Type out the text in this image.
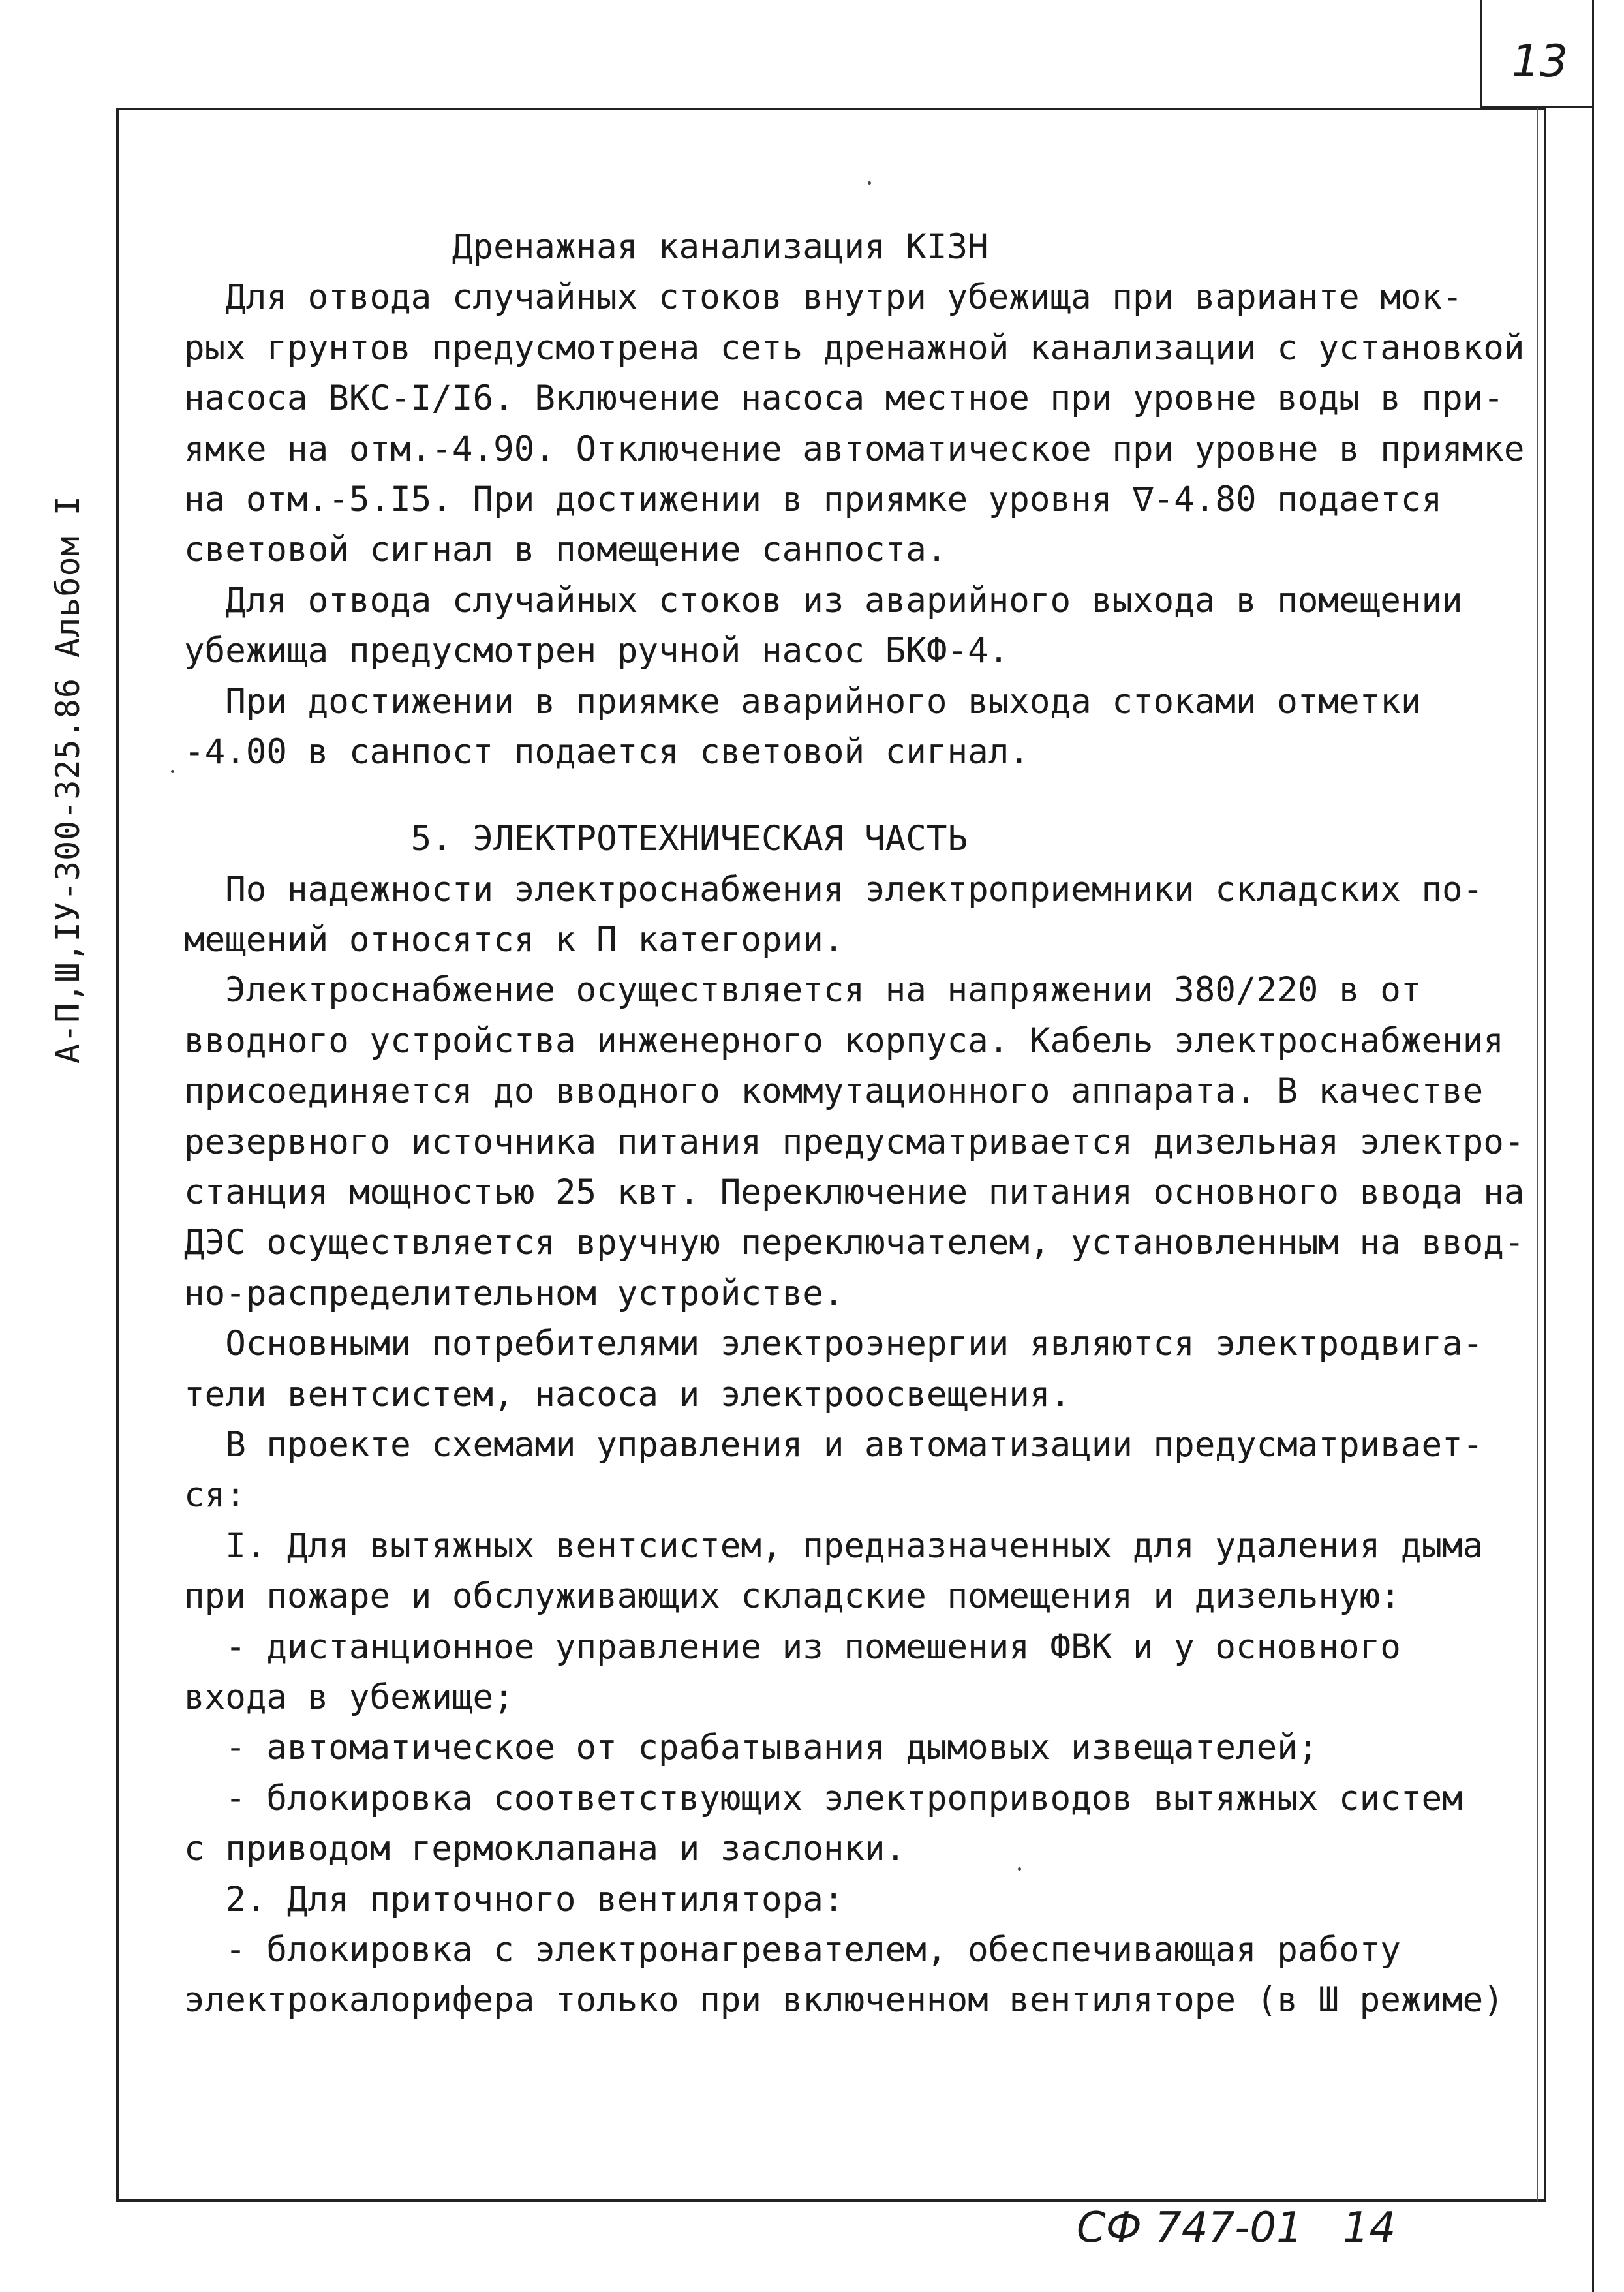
13
А-П,Ш,IУ-300-325.86 Альбом I
Дренажная канализация КI3Н
Для отвода случайных стоков внутри убежища при варианте мок-
рых грунтов предусмотрена сеть дренажной канализации с установкой
насоса ВКС-I/I6. Включение насоса местное при уровне воды в при-
ямке на отм.-4.90. Отключение автоматическое при уровне в приямке
на отм.-5.I5. При достижении в приямке уровня ∇-4.80 подается
световой сигнал в помещение санпоста.
Для отвода случайных стоков из аварийного выхода в помещении
убежища предусмотрен ручной насос БКФ-4.
При достижении в приямке аварийного выхода стоками отметки
-4.00 в санпост подается световой сигнал.
5. ЭЛЕКТРОТЕХНИЧЕСКАЯ ЧАСТЬ
По надежности электроснабжения электроприемники складских по-
мещений относятся к П категории.
Электроснабжение осуществляется на напряжении 380/220 в от
вводного устройства инженерного корпуса. Кабель электроснабжения
присоединяется до вводного коммутационного аппарата. В качестве
резервного источника питания предусматривается дизельная электро-
станция мощностью 25 квт. Переключение питания основного ввода на
ДЭС осуществляется вручную переключателем, установленным на ввод-
но-распределительном устройстве.
Основными потребителями электроэнергии являются электродвига-
тели вентсистем, насоса и электроосвещения.
В проекте схемами управления и автоматизации предусматривает-
ся:
I. Для вытяжных вентсистем, предназначенных для удаления дыма
при пожаре и обслуживающих складские помещения и дизельную:
- дистанционное управление из помешения ФВК и у основного
входа в убежище;
- автоматическое от срабатывания дымовых извещателей;
- блокировка соответствующих электроприводов вытяжных систем
с приводом гермоклапана и заслонки.
2. Для приточного вентилятора:
- блокировка с электронагревателем, обеспечивающая работу
электрокалорифера только при включенном вентиляторе (в Ш режиме)
СФ 747-01   14
